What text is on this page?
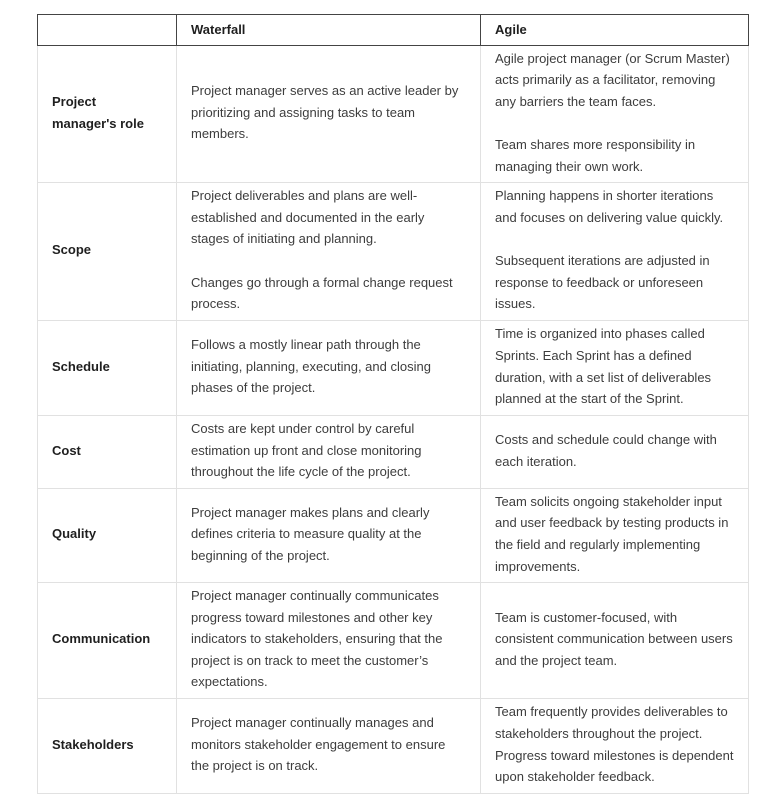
	Waterfall	Agile
Project manager's role	Project manager serves as an active leader by prioritizing and assigning tasks to team members.	Agile project manager (or Scrum Master) acts primarily as a facilitator, removing any barriers the team faces.

Team shares more responsibility in managing their own work.
Scope	Project deliverables and plans are well-established and documented in the early stages of initiating and planning.

Changes go through a formal change request process.	Planning happens in shorter iterations and focuses on delivering value quickly.

Subsequent iterations are adjusted in response to feedback or unforeseen issues.
Schedule	Follows a mostly linear path through the initiating, planning, executing, and closing phases of the project.	Time is organized into phases called Sprints. Each Sprint has a defined duration, with a set list of deliverables planned at the start of the Sprint.
Cost	Costs are kept under control by careful estimation up front and close monitoring throughout the life cycle of the project.	Costs and schedule could change with each iteration.
Quality	Project manager makes plans and clearly defines criteria to measure quality at the beginning of the project.	Team solicits ongoing stakeholder input and user feedback by testing products in the field and regularly implementing improvements.
Communication	Project manager continually communicates progress toward milestones and other key indicators to stakeholders, ensuring that the project is on track to meet the customer’s expectations.	Team is customer-focused, with consistent communication between users and the project team.
Stakeholders	Project manager continually manages and monitors stakeholder engagement to ensure the project is on track.	Team frequently provides deliverables to stakeholders throughout the project. Progress toward milestones is dependent upon stakeholder feedback.
